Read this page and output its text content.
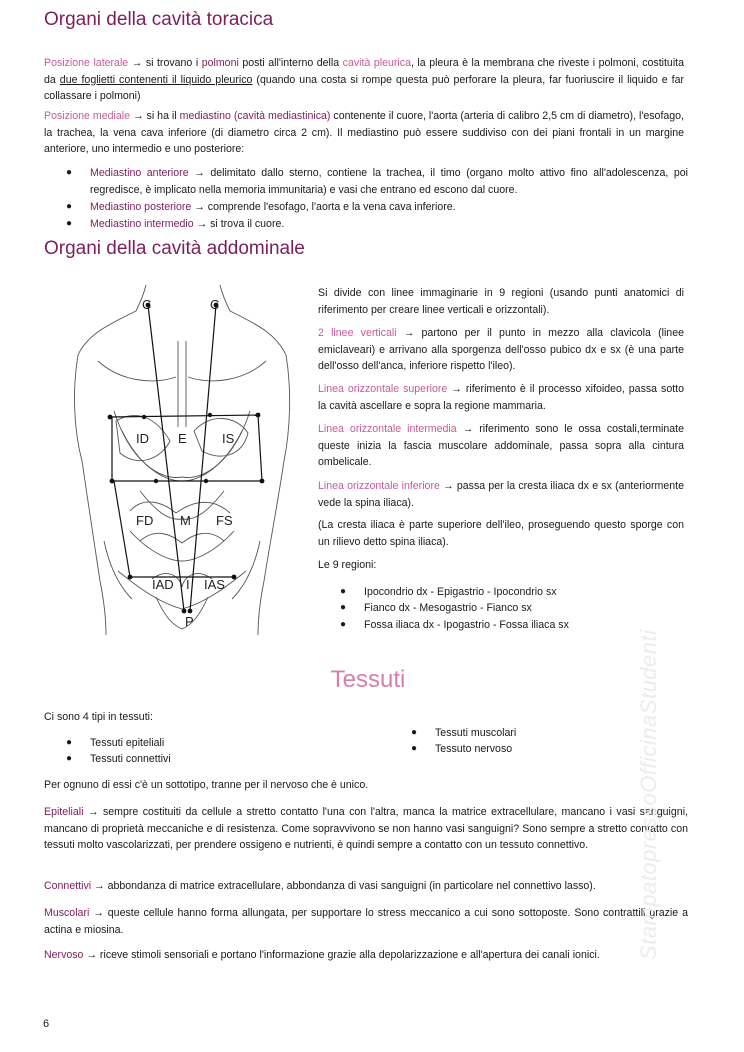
Organi della cavità toracica

Posizione laterale → si trovano i polmoni posti all'interno della cavità pleurica, la pleura è la membrana che riveste i polmoni, costituita da due foglietti contenenti il liquido pleurico (quando una costa si rompe questa può perforare la pleura, far fuoriuscire il liquido e far collassare i polmoni)

Posizione mediale → si ha il mediastino (cavità mediastinica) contenente il cuore, l'aorta (arteria di calibro 2,5 cm di diametro), l'esofago, la trachea, la vena cava inferiore (di diametro circa 2 cm). Il mediastino può essere suddiviso con dei piani frontali in un margine anteriore, uno intermedio e uno posteriore:

● Mediastino anteriore → delimitato dallo sterno, contiene la trachea, il timo (organo molto attivo fino all'adolescenza, poi regredisce, è implicato nella memoria immunitaria) e vasi che entrano ed escono dal cuore.

● Mediastino posteriore → comprende l'esofago, l'aorta e la vena cava inferiore.
● Mediastino intermedio → si trova il cuore.
Organi della cavità addominale
C	C
ID E	IS
FD M FS
IAD I IAS
P

Si divide con linee immaginarie in 9 regioni (usando punti anatomici di riferimento per creare linee verticali e orizzontali).

2 linee verticali → partono per il punto in mezzo alla clavicola (linee emiclaveari) e arrivano alla sporgenza dell'osso pubico dx e sx (è una parte dell'osso dell'anca, inferiore rispetto l'ileo).

Linea orizzontale superiore → riferimento è il processo xifoideo, passa sotto la cavità ascellare e sopra la regione mammaria.

Linea orizzontale intermedia → riferimento sono le ossa costali,terminate queste inizia la fascia muscolare addominale, passa sopra alla cintura ombelicale.

Linea orizzontale inferiore → passa per la cresta iliaca dx e sx (anteriormente vede la spina iliaca).

(La cresta iliaca è parte superiore dell'ileo, proseguendo questo sporge con un rilievo detto spina iliaca).

Le 9 regioni:

● Ipocondrio dx - Epigastrio - Ipocondrio sx
● Fianco dx - Mesogastrio - Fianco sx
● Fossa iliaca dx - Ipogastrio - Fossa iliaca sx
Tessuti

Ci sono 4 tipi in tessuti:

● Tessuti epiteliali
● Tessuti connettivi
● Tessuti muscolari
● Tessuto nervoso

Per ognuno di essi c'è un sottotipo, tranne per il nervoso che è unico.

Epiteliali → sempre costituiti da cellule a stretto contatto l'una con l'altra, manca la matrice extracellulare, mancano i vasi sanguigni, mancano di proprietà meccaniche e di resistenza. Come sopravvivono se non hanno vasi sanguigni? Sono sempre a stretto contatto con tessuti molto vascolarizzati, per prendere ossigeno e nutrienti, è quindi sempre a contatto con un tessuto connettivo.

Connettivi → abbondanza di matrice extracellulare, abbondanza di vasi sanguigni (in particolare nel connettivo lasso).

Muscolari → queste cellule hanno forma allungata, per supportare lo stress meccanico a cui sono sottoposte. Sono contrattili grazie a actina e miosina.

Nervoso → riceve stimoli sensoriali e portano l'informazione grazie alla depolarizzazione e all'apertura dei canali ionici.	StampatopressoOfficinaStudenti
6
